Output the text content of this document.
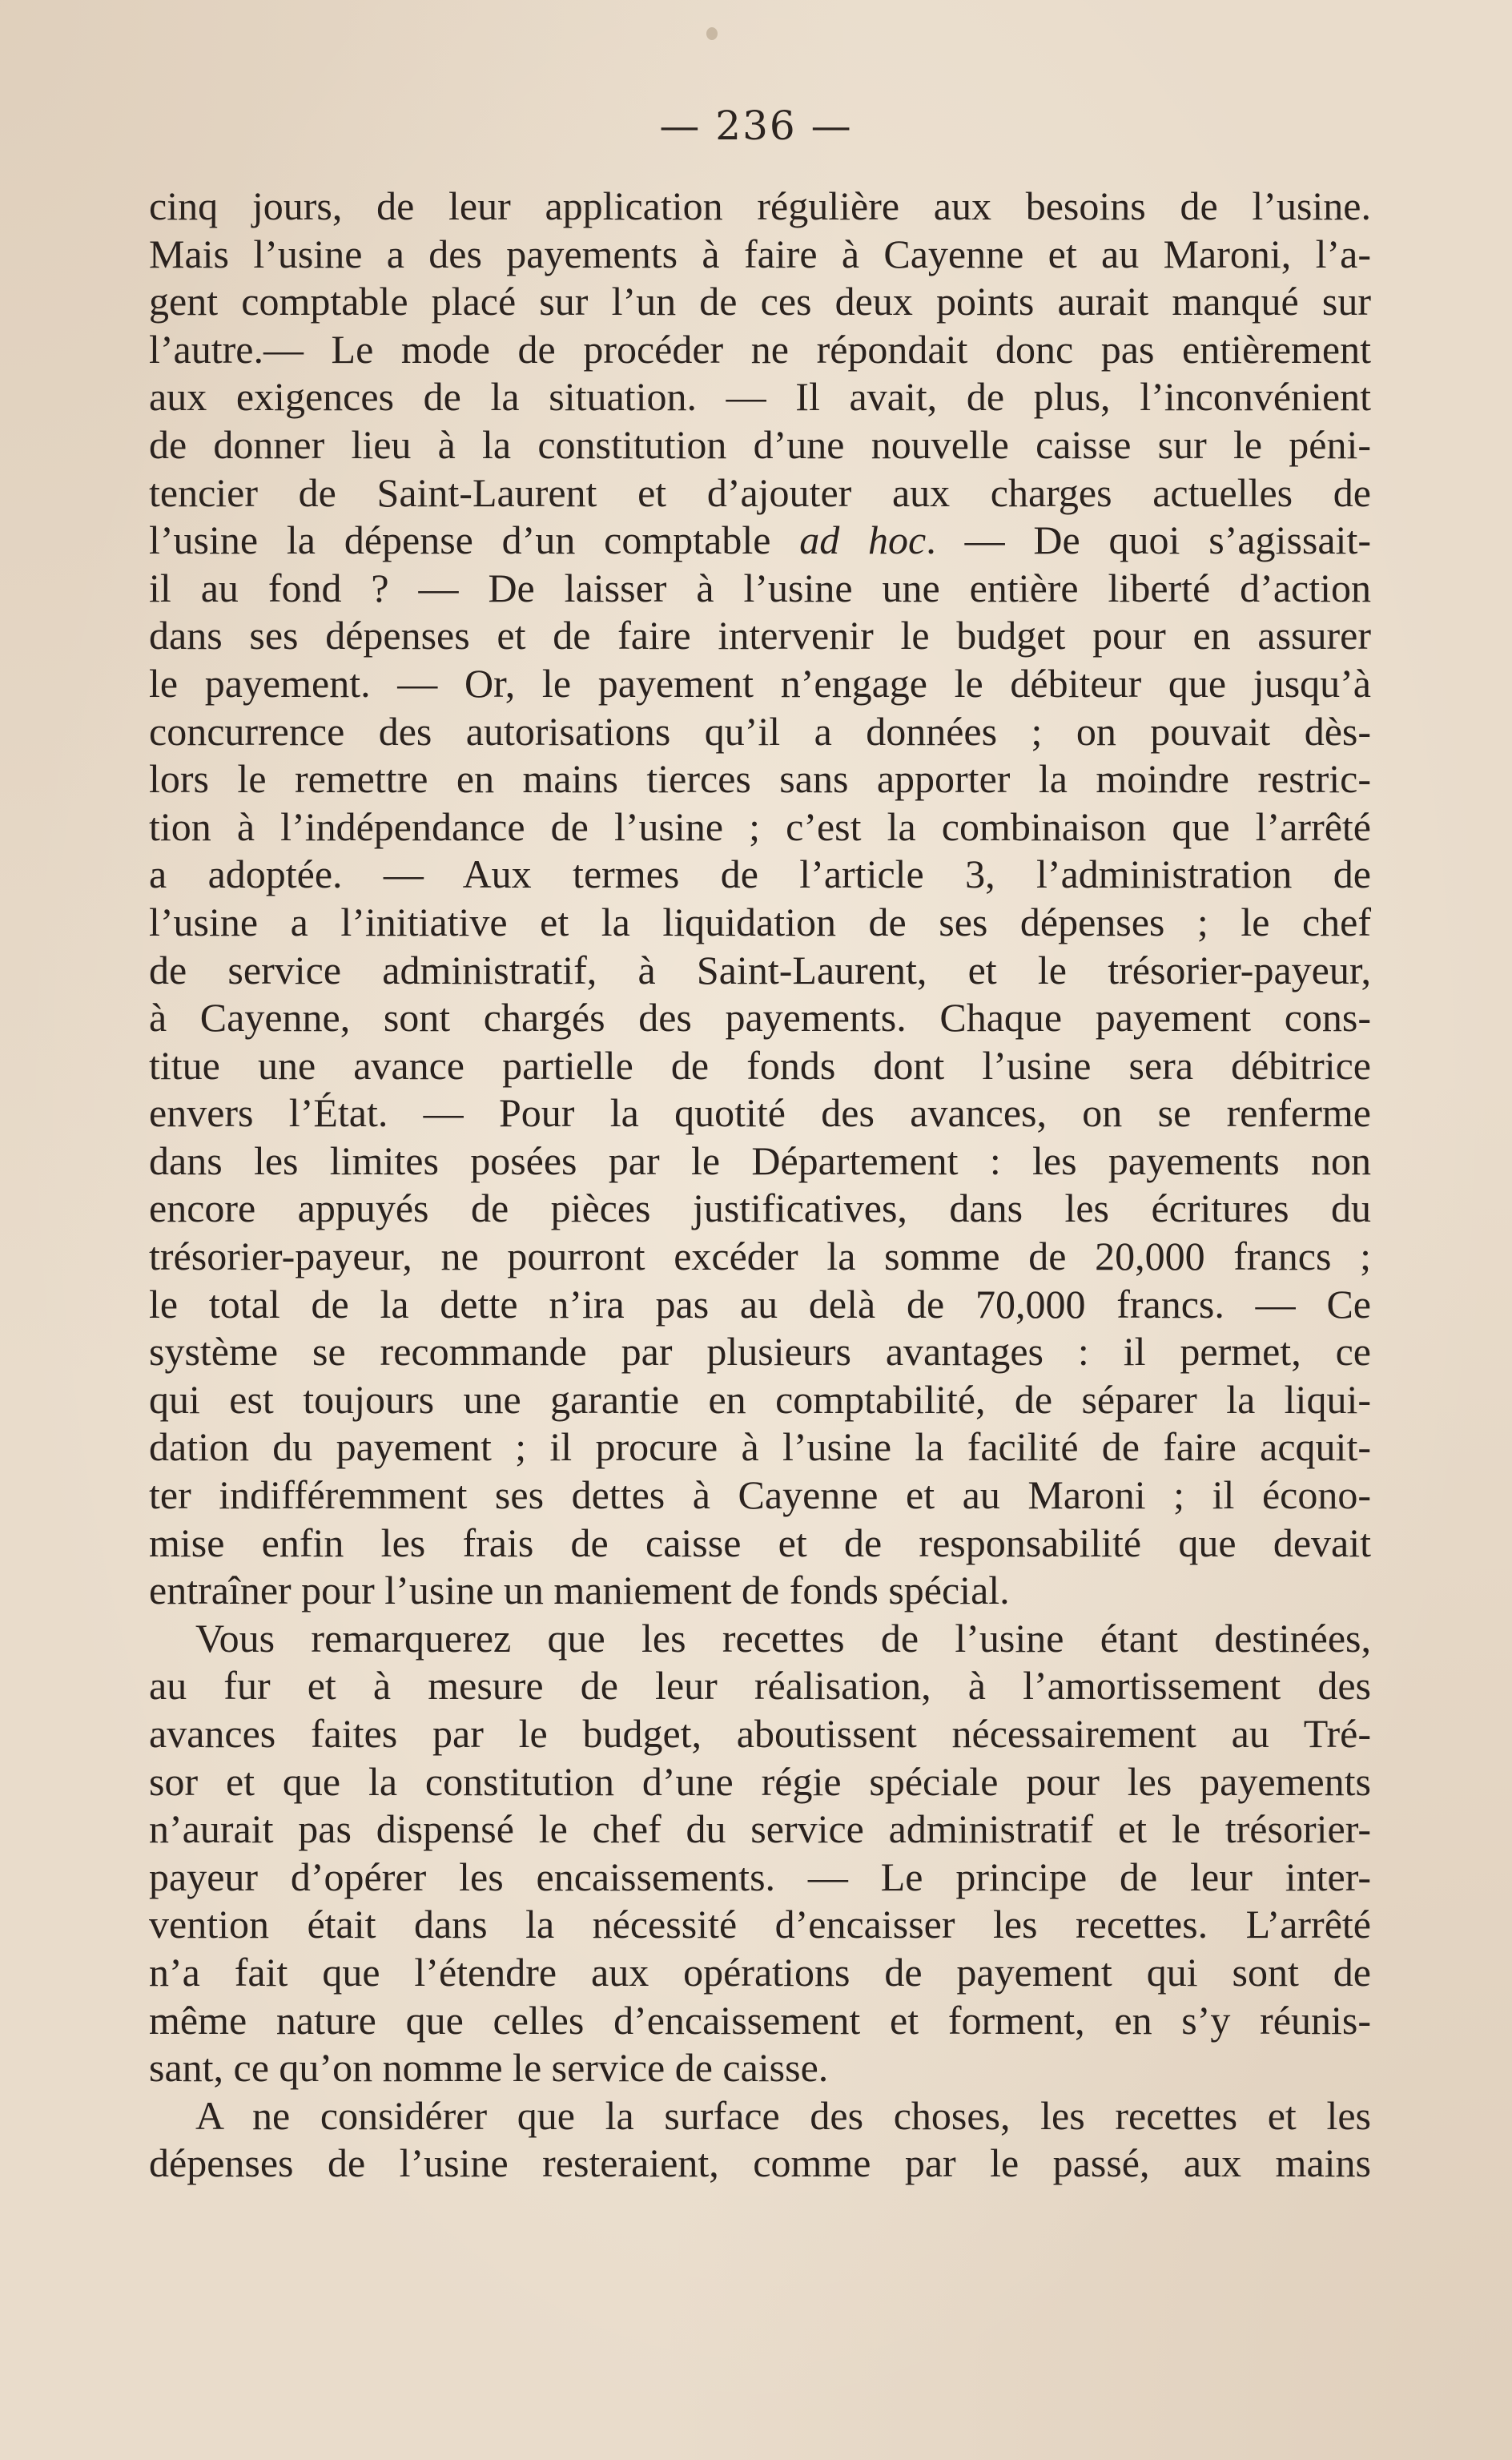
— 236 —
cinq jours, de leur application régulière aux besoins de l’usine.
Mais l’usine a des payements à faire à Cayenne et au Maroni, l’a-
gent comptable placé sur l’un de ces deux points aurait manqué sur
l’autre.— Le mode de procéder ne répondait donc pas entièrement
aux exigences de la situation. — Il avait, de plus, l’inconvénient
de donner lieu à la constitution d’une nouvelle caisse sur le péni-
tencier de Saint-Laurent et d’ajouter aux charges actuelles de
l’usine la dépense d’un comptable ad hoc. — De quoi s’agissait-
il au fond ? — De laisser à l’usine une entière liberté d’action
dans ses dépenses et de faire intervenir le budget pour en assurer
le payement. — Or, le payement n’engage le débiteur que jusqu’à
concurrence des autorisations qu’il a données ; on pouvait dès-
lors le remettre en mains tierces sans apporter la moindre restric-
tion à l’indépendance de l’usine ; c’est la combinaison que l’arrêté
a adoptée. — Aux termes de l’article 3, l’administration de
l’usine a l’initiative et la liquidation de ses dépenses ; le chef
de service administratif, à Saint-Laurent, et le trésorier-payeur,
à Cayenne, sont chargés des payements. Chaque payement cons-
titue une avance partielle de fonds dont l’usine sera débitrice
envers l’État. — Pour la quotité des avances, on se renferme
dans les limites posées par le Département : les payements non
encore appuyés de pièces justificatives, dans les écritures du
trésorier-payeur, ne pourront excéder la somme de 20,000 francs ;
le total de la dette n’ira pas au delà de 70,000 francs. — Ce
système se recommande par plusieurs avantages : il permet, ce
qui est toujours une garantie en comptabilité, de séparer la liqui-
dation du payement ; il procure à l’usine la facilité de faire acquit-
ter indifféremment ses dettes à Cayenne et au Maroni ; il écono-
mise enfin les frais de caisse et de responsabilité que devait
entraîner pour l’usine un maniement de fonds spécial.
Vous remarquerez que les recettes de l’usine étant destinées,
au fur et à mesure de leur réalisation, à l’amortissement des
avances faites par le budget, aboutissent nécessairement au Tré-
sor et que la constitution d’une régie spéciale pour les payements
n’aurait pas dispensé le chef du service administratif et le trésorier-
payeur d’opérer les encaissements. — Le principe de leur inter-
vention était dans la nécessité d’encaisser les recettes. L’arrêté
n’a fait que l’étendre aux opérations de payement qui sont de
même nature que celles d’encaissement et forment, en s’y réunis-
sant, ce qu’on nomme le service de caisse.
A ne considérer que la surface des choses, les recettes et les
dépenses de l’usine resteraient, comme par le passé, aux mains
